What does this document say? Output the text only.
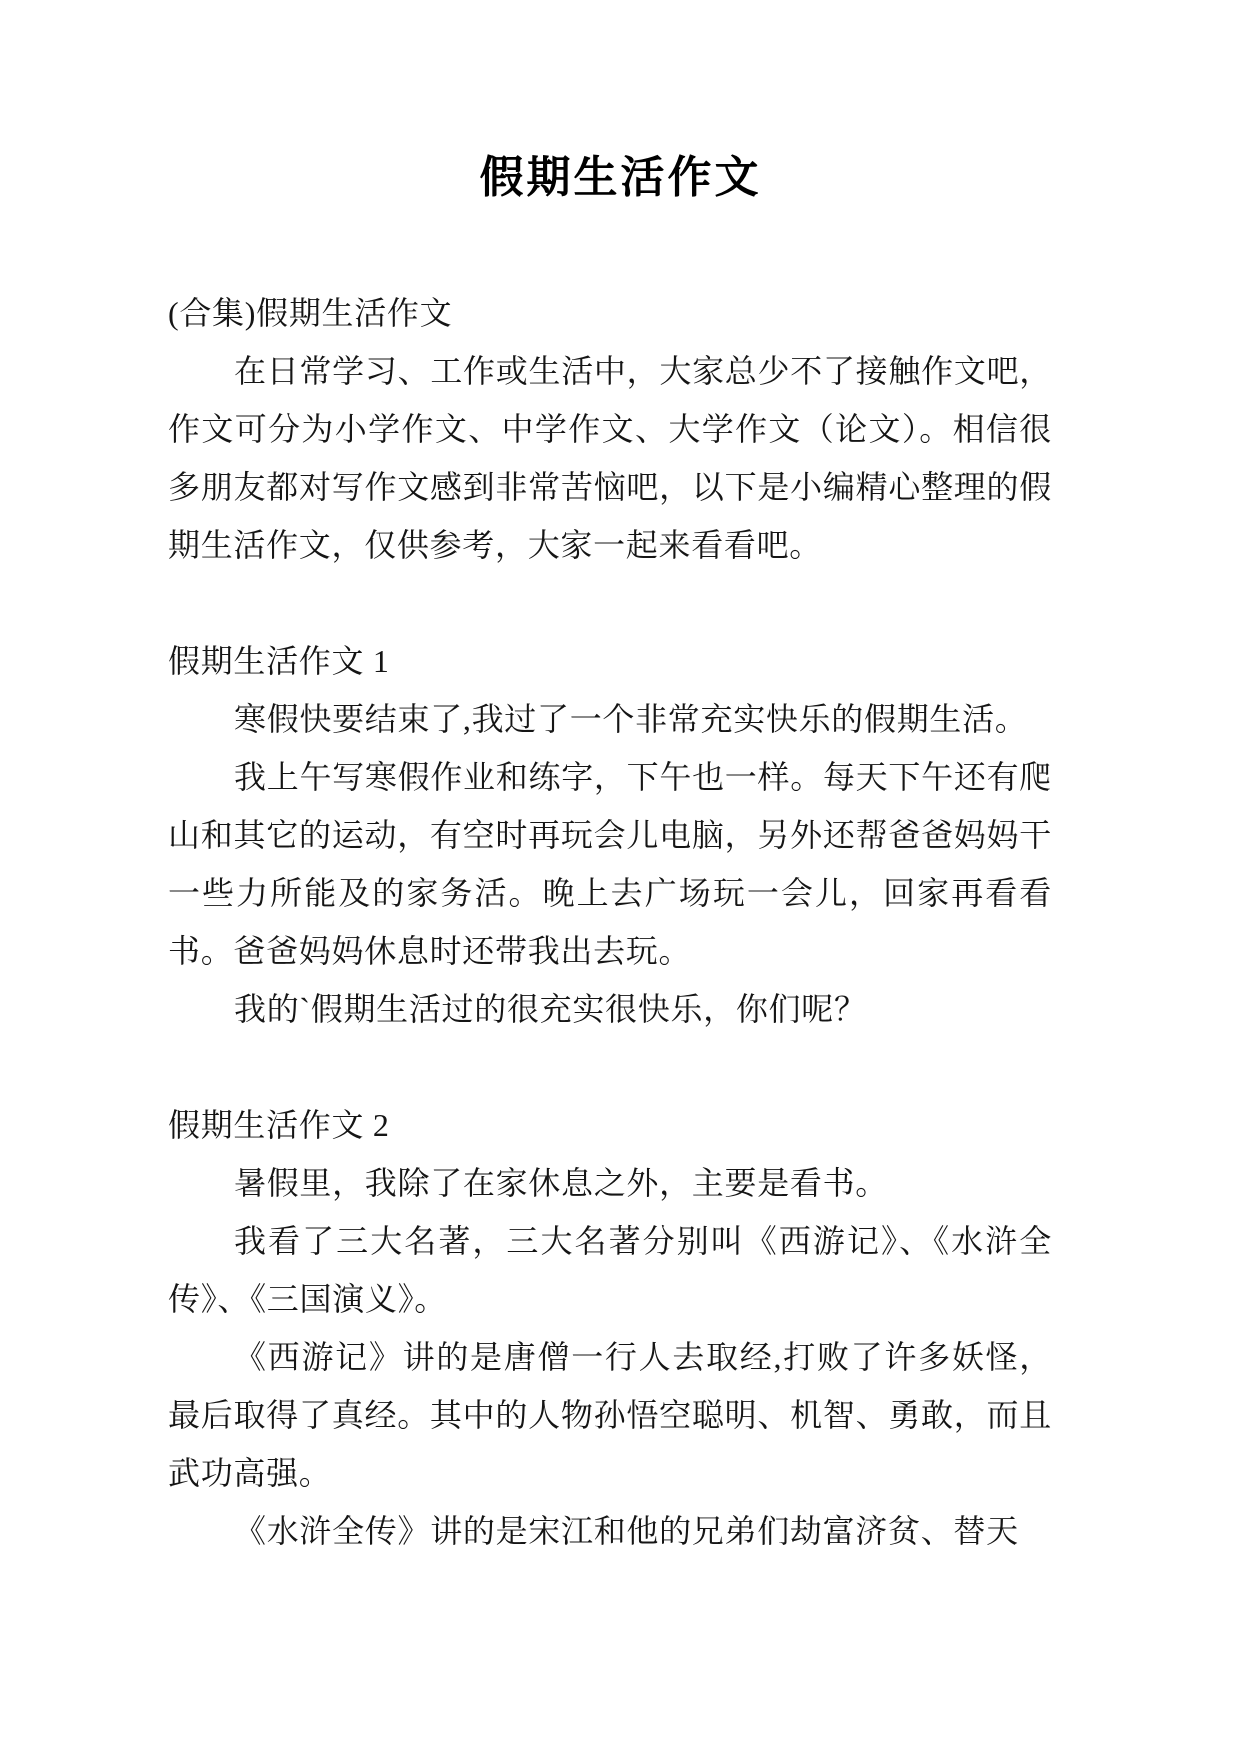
假期生活作文

(合集)假期生活作文

在日常学习、工作或生活中，大家总少不了接触作文吧，作文可分为小学作文、中学作文、大学作文（论文）。相信很多朋友都对写作文感到非常苦恼吧，以下是小编精心整理的假期生活作文，仅供参考，大家一起来看看吧。

假期生活作文 1

寒假快要结束了,我过了一个非常充实快乐的假期生活。

我上午写寒假作业和练字，下午也一样。每天下午还有爬山和其它的运动，有空时再玩会儿电脑，另外还帮爸爸妈妈干一些力所能及的家务活。晚上去广场玩一会儿，回家再看看书。爸爸妈妈休息时还带我出去玩。

我的`假期生活过的很充实很快乐，你们呢？

假期生活作文 2

暑假里，我除了在家休息之外，主要是看书。

我看了三大名著，三大名著分别叫《西游记》、《水浒全传》、《三国演义》。

《西游记》讲的是唐僧一行人去取经,打败了许多妖怪，最后取得了真经。其中的人物孙悟空聪明、机智、勇敢，而且武功高强。

《水浒全传》讲的是宋江和他的兄弟们劫富济贫、替天
